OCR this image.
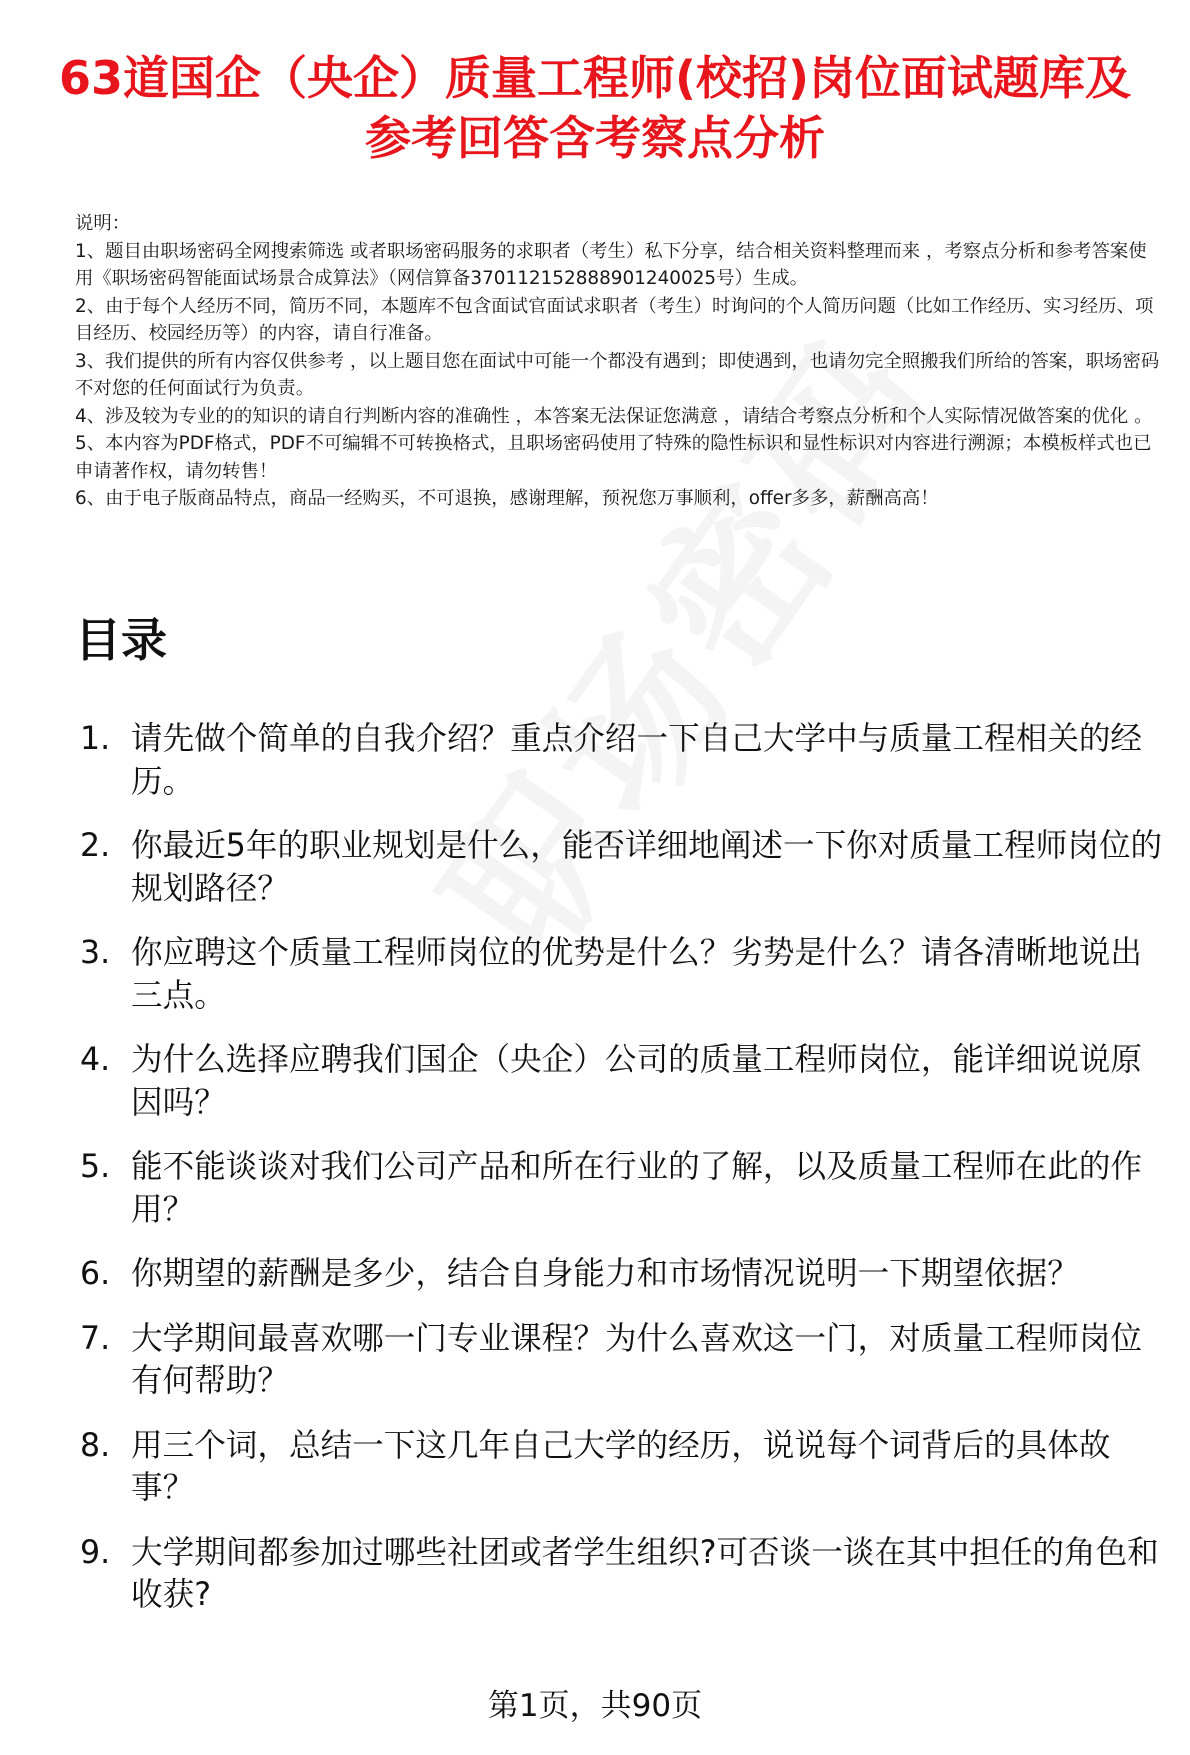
63道国企（央企）质量工程师(校招)岗位面试题库及参考回答含考察点分析

说明：

1、题目由职场密码全网搜索筛选 或者职场密码服务的求职者（考生）私下分享，结合相关资料整理而来 ，考察点分析和参考答案使用《职场密码智能面试场景合成算法》（网信算备370112152888901240025号）生成。

2、由于每个人经历不同，简历不同，本题库不包含面试官面试求职者（考生）时询问的个人简历问题（比如工作经历、实习经历、项目经历、校园经历等）的内容，请自行准备。

3、我们提供的所有内容仅供参考 ，以上题目您在面试中可能一个都没有遇到；即使遇到，也请勿完全照搬我们所给的答案，职场密码不对您的任何面试行为负责。

4、涉及较为专业的的知识的请自行判断内容的准确性 ，本答案无法保证您满意 ，请结合考察点分析和个人实际情况做答案的优化 。

5、本内容为PDF格式，PDF不可编辑不可转换格式，且职场密码使用了特殊的隐性标识和显性标识对内容进行溯源；本模板样式也已申请著作权，请勿转售！

6、由于电子版商品特点，商品一经购买，不可退换，感谢理解，预祝您万事顺利，offer多多，薪酬高高！

目录
1. 请先做个简单的自我介绍？重点介绍一下自己大学中与质量工程相关的经历。
2. 你最近5年的职业规划是什么，能否详细地阐述一下你对质量工程师岗位的规划路径？
3. 你应聘这个质量工程师岗位的优势是什么？劣势是什么？请各清晰地说出三点。
4. 为什么选择应聘我们国企（央企）公司的质量工程师岗位，能详细说说原因吗？
5. 能不能谈谈对我们公司产品和所在行业的了解，以及质量工程师在此的作用？
6. 你期望的薪酬是多少，结合自身能力和市场情况说明一下期望依据？
7. 大学期间最喜欢哪一门专业课程？为什么喜欢这一门，对质量工程师岗位有何帮助？
8. 用三个词，总结一下这几年自己大学的经历，说说每个词背后的具体故事？
9. 大学期间都参加过哪些社团或者学生组织?可否谈一谈在其中担任的角色和收获?
第1页，共90页
